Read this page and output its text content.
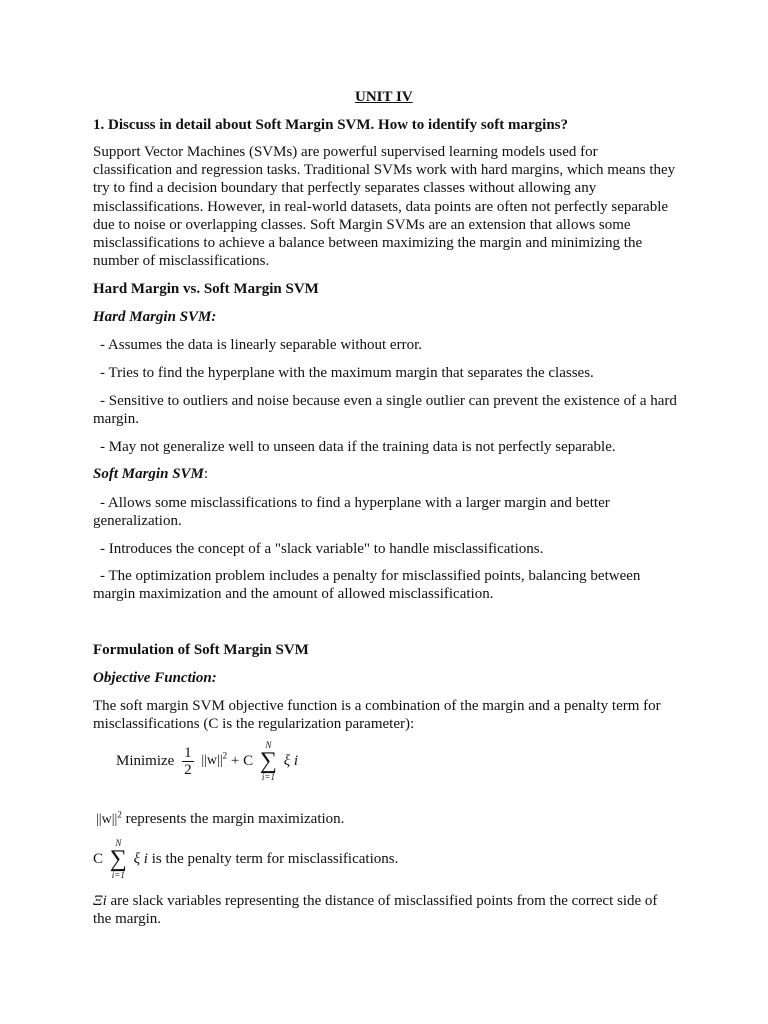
UNIT IV
1. Discuss in detail about Soft Margin SVM. How to identify soft margins?

Support Vector Machines (SVMs) are powerful supervised learning models used for classification and regression tasks. Traditional SVMs work with hard margins, which means they try to find a decision boundary that perfectly separates classes without allowing any misclassifications. However, in real-world datasets, data points are often not perfectly separable due to noise or overlapping classes. Soft Margin SVMs are an extension that allows some misclassifications to achieve a balance between maximizing the margin and minimizing the number of misclassifications.

Hard Margin vs. Soft Margin SVM
Hard Margin SVM:

- Assumes the data is linearly separable without error.

- Tries to find the hyperplane with the maximum margin that separates the classes.

- Sensitive to outliers and noise because even a single outlier can prevent the existence of a hard margin.

- May not generalize well to unseen data if the training data is not perfectly separable.

Soft Margin SVM:

- Allows some misclassifications to find a hyperplane with a larger margin and better generalization.

- Introduces the concept of a "slack variable" to handle misclassifications.

- The optimization problem includes a penalty for misclassified points, balancing between margin maximization and the amount of allowed misclassification.

Formulation of Soft Margin SVM
Objective Function:

The soft margin SVM objective function is a combination of the margin and a penalty term for misclassifications (C is the regularization parameter):

Minimize $\frac{1}{2} ||w||^2 + C$
N
∑
i=1
ξ i
$||w||^2$ represents the margin maximization.
C
N
∑
i=1
ξ i is the penalty term for misclassifications.

Ξi are slack variables representing the distance of misclassified points from the correct side of the margin.
